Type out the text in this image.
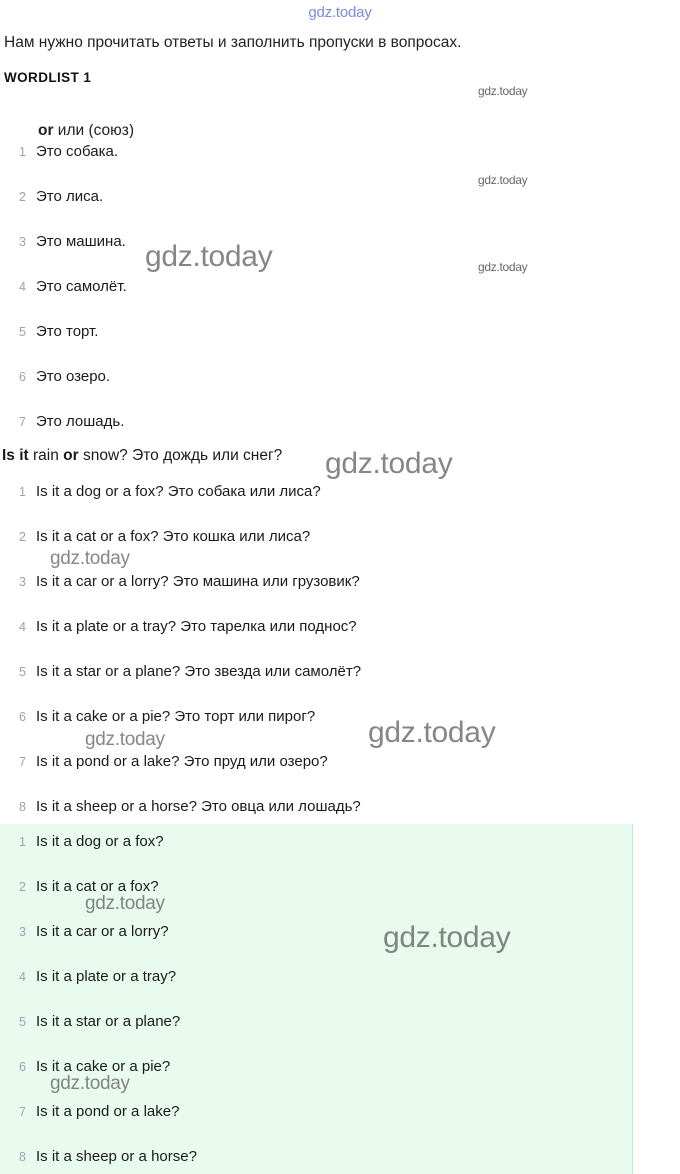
gdz.today
Нам нужно прочитать ответы и заполнить пропуски в вопросах.
WORDLIST 1
or или (союз)
1 Это собака.
2 Это лиса.
3 Это машина.
4 Это самолёт.
5 Это торт.
6 Это озеро.
7 Это лошадь.
Is it rain or snow? Это дождь или снег?
1 Is it a dog or a fox? Это собака или лиса?
2 Is it a cat or a fox? Это кошка или лиса?
3 Is it a car or a lorry? Это машина или грузовик?
4 Is it a plate or a tray? Это тарелка или поднос?
5 Is it a star or a plane? Это звезда или самолёт?
6 Is it a cake or a pie? Это торт или пирог?
7 Is it a pond or a lake? Это пруд или озеро?
8 Is it a sheep or a horse? Это овца или лошадь?
1 Is it a dog or a fox?
2 Is it a cat or a fox?
3 Is it a car or a lorry?
4 Is it a plate or a tray?
5 Is it a star or a plane?
6 Is it a cake or a pie?
7 Is it a pond or a lake?
8 Is it a sheep or a horse?
gdz.today
gdz.today
gdz.today
gdz.today
gdz.today
gdz.today
gdz.today
gdz.today
gdz.today
gdz.today
gdz.today
